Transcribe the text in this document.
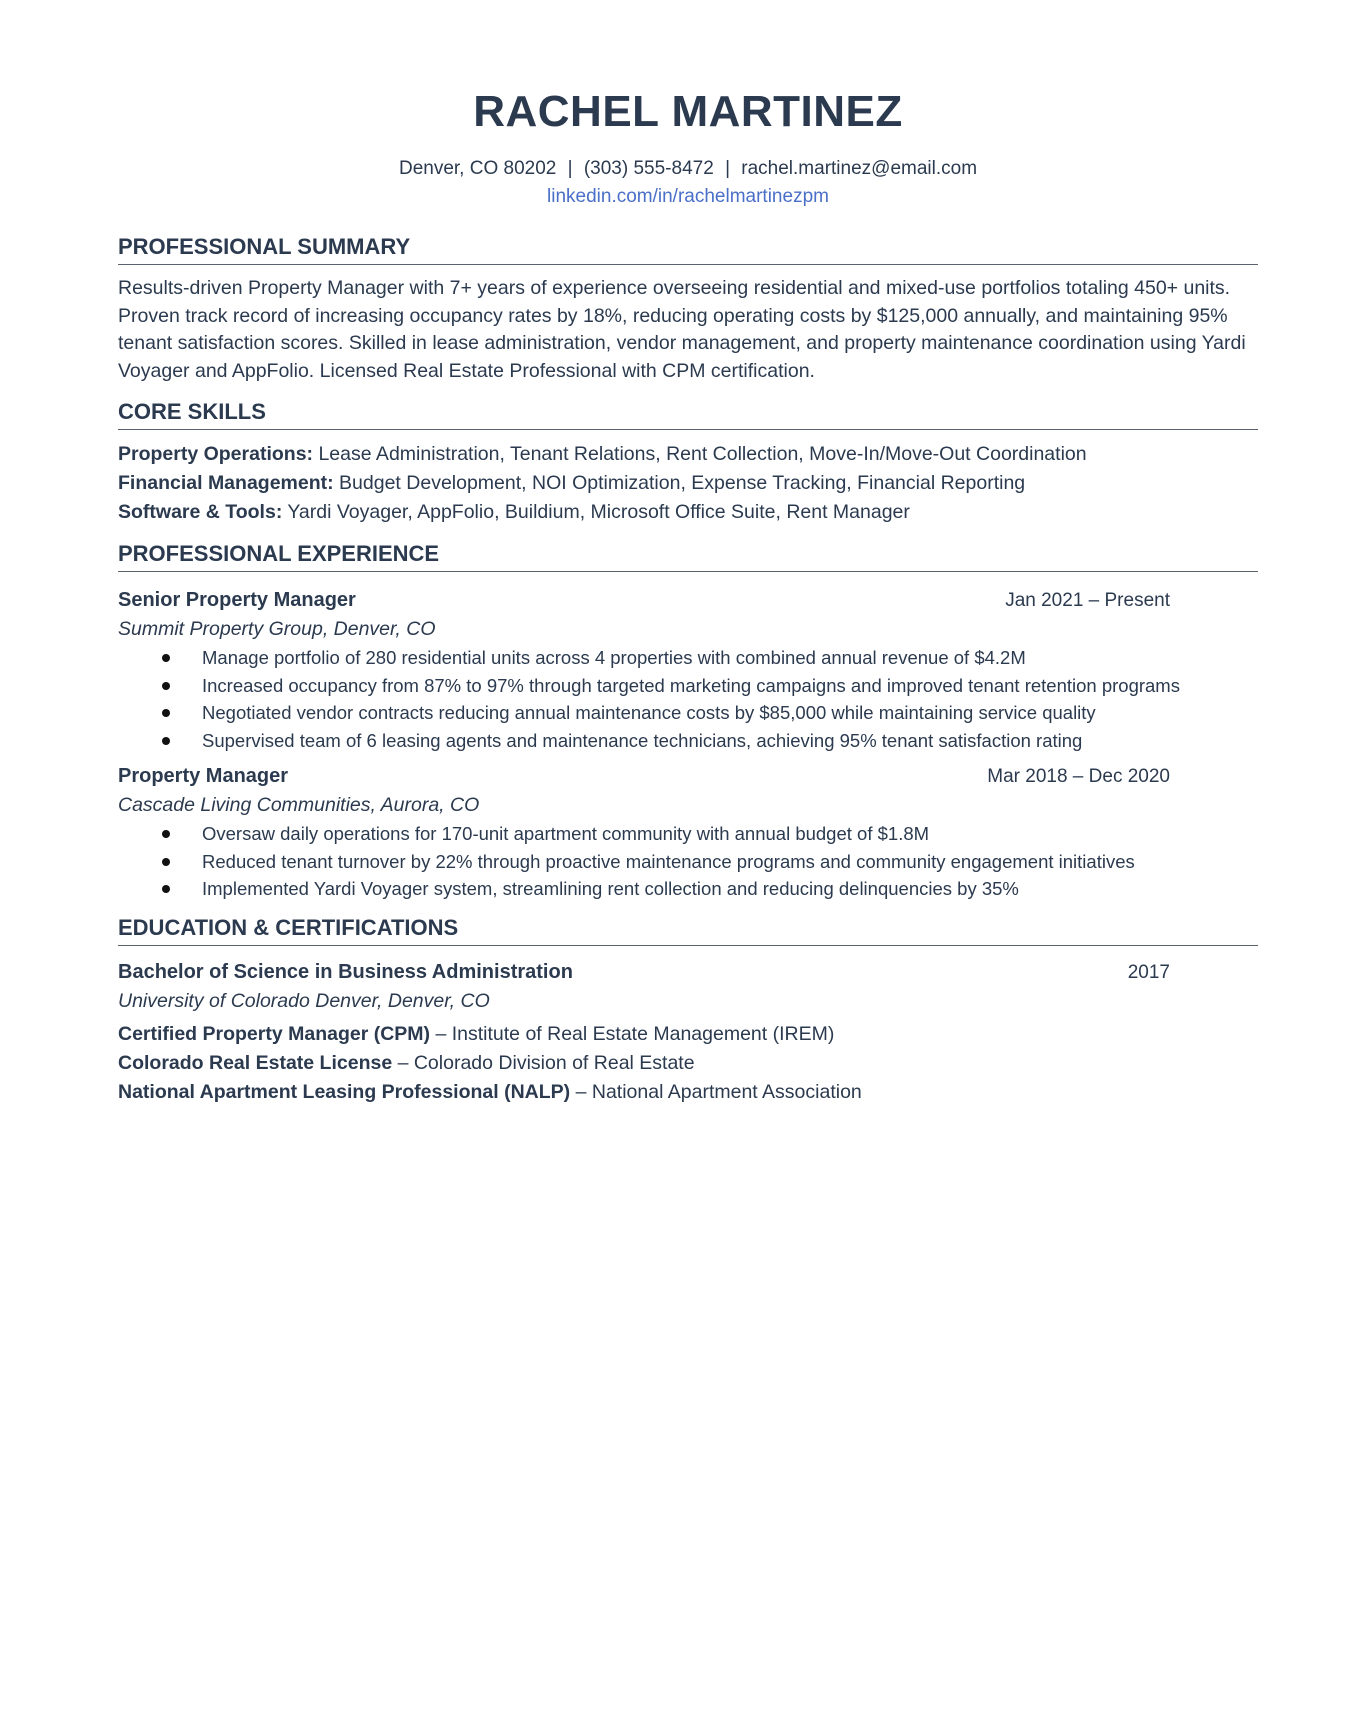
RACHEL MARTINEZ
Denver, CO 80202 | (303) 555-8472 | rachel.martinez@email.com
linkedin.com/in/rachelmartinezpm
PROFESSIONAL SUMMARY
Results-driven Property Manager with 7+ years of experience overseeing residential and mixed-use portfolios totaling 450+ units. Proven track record of increasing occupancy rates by 18%, reducing operating costs by $125,000 annually, and maintaining 95% tenant satisfaction scores. Skilled in lease administration, vendor management, and property maintenance coordination using Yardi Voyager and AppFolio. Licensed Real Estate Professional with CPM certification.
CORE SKILLS
Property Operations: Lease Administration, Tenant Relations, Rent Collection, Move-In/Move-Out Coordination
Financial Management: Budget Development, NOI Optimization, Expense Tracking, Financial Reporting
Software & Tools: Yardi Voyager, AppFolio, Buildium, Microsoft Office Suite, Rent Manager
PROFESSIONAL EXPERIENCE
Senior Property Manager	Jan 2021 – Present
Summit Property Group, Denver, CO
Manage portfolio of 280 residential units across 4 properties with combined annual revenue of $4.2M
Increased occupancy from 87% to 97% through targeted marketing campaigns and improved tenant retention programs
Negotiated vendor contracts reducing annual maintenance costs by $85,000 while maintaining service quality
Supervised team of 6 leasing agents and maintenance technicians, achieving 95% tenant satisfaction rating
Property Manager	Mar 2018 – Dec 2020
Cascade Living Communities, Aurora, CO
Oversaw daily operations for 170-unit apartment community with annual budget of $1.8M
Reduced tenant turnover by 22% through proactive maintenance programs and community engagement initiatives
Implemented Yardi Voyager system, streamlining rent collection and reducing delinquencies by 35%
EDUCATION & CERTIFICATIONS
Bachelor of Science in Business Administration	2017
University of Colorado Denver, Denver, CO
Certified Property Manager (CPM) – Institute of Real Estate Management (IREM)
Colorado Real Estate License – Colorado Division of Real Estate
National Apartment Leasing Professional (NALP) – National Apartment Association
